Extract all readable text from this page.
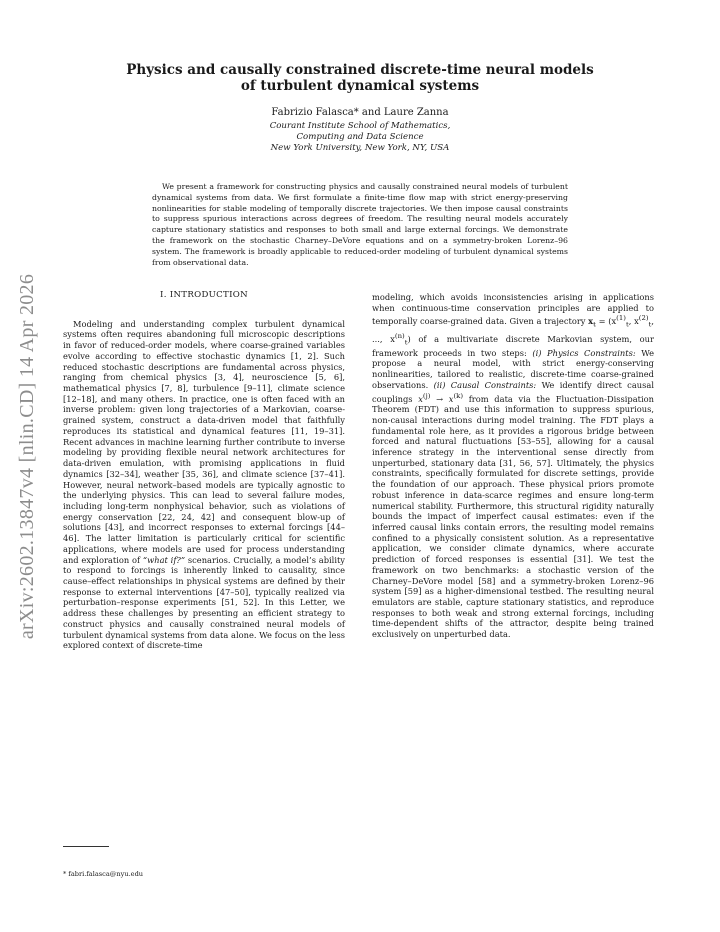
arXiv:2602.13847v4 [nlin.CD] 14 Apr 2026
Physics and causally constrained discrete-time neural models
of turbulent dynamical systems
Fabrizio Falasca* and Laure Zanna
Courant Institute School of Mathematics,
Computing and Data Science
New York University, New York, NY, USA
We present a framework for constructing physics and causally constrained neural models of turbulent dynamical systems from data. We first formulate a finite-time flow map with strict energy-preserving nonlinearities for stable modeling of temporally discrete trajectories. We then impose causal constraints to suppress spurious interactions across degrees of freedom. The resulting neural models accurately capture stationary statistics and responses to both small and large external forcings. We demonstrate the framework on the stochastic Charney–DeVore equations and on a symmetry-broken Lorenz–96 system. The framework is broadly applicable to reduced-order modeling of turbulent dynamical systems from observational data.
I. INTRODUCTION

Modeling and understanding complex turbulent dynamical systems often requires abandoning full microscopic descriptions in favor of reduced-order models, where coarse-grained variables evolve according to effective stochastic dynamics [1, 2]. Such reduced stochastic descriptions are fundamental across physics, ranging from chemical physics [3, 4], neuroscience [5, 6], mathematical physics [7, 8], turbulence [9–11], climate science [12–18], and many others. In practice, one is often faced with an inverse problem: given long trajectories of a Markovian, coarse-grained system, construct a data-driven model that faithfully reproduces its statistical and dynamical features [11, 19–31]. Recent advances in machine learning further contribute to inverse modeling by providing flexible neural network architectures for data-driven emulation, with promising applications in fluid dynamics [32–34], weather [35, 36], and climate science [37–41]. However, neural network–based models are typically agnostic to the underlying physics. This can lead to several failure modes, including long-term nonphysical behavior, such as violations of energy conservation [22, 24, 42] and consequent blow-up of solutions [43], and incorrect responses to external forcings [44–46]. The latter limitation is particularly critical for scientific applications, where models are used for process understanding and exploration of “what if?” scenarios. Crucially, a model’s ability to respond to forcings is inherently linked to causality, since cause–effect relationships in physical systems are defined by their response to external interventions [47–50], typically realized via perturbation–response experiments [51, 52]. In this Letter, we address these challenges by presenting an efficient strategy to construct physics and causally constrained neural models of turbulent dynamical systems from data alone. We focus on the less explored context of discrete-time

modeling, which avoids inconsistencies arising in applications when continuous-time conservation principles are applied to temporally coarse-grained data. Given a trajectory $x_t = (x^{(1)}_t$, $x^{(2)}_t$, ..., $x^{(n)}_t$) of a multivariate discrete Markovian system, our framework proceeds in two steps: (i) Physics Constraints: We propose a neural model, with strict energy-conserving nonlinearities, tailored to realistic, discrete-time coarse-grained observations. (ii) Causal Constraints: We identify direct causal couplings $x^{(j)} \to x^{(k)}$ from data via the Fluctuation-Dissipation Theorem (FDT) and use this information to suppress spurious, non-causal interactions during model training. The FDT plays a fundamental role here, as it provides a rigorous bridge between forced and natural fluctuations [53–55], allowing for a causal inference strategy in the interventional sense directly from unperturbed, stationary data [31, 56, 57]. Ultimately, the physics constraints, specifically formulated for discrete settings, provide the foundation of our approach. These physical priors promote robust inference in data-scarce regimes and ensure long-term numerical stability. Furthermore, this structural rigidity naturally bounds the impact of imperfect causal estimates: even if the inferred causal links contain errors, the resulting model remains confined to a physically consistent solution. As a representative application, we consider climate dynamics, where accurate prediction of forced responses is essential [31]. We test the framework on two benchmarks: a stochastic version of the Charney–DeVore model [58] and a symmetry-broken Lorenz–96 system [59] as a higher-dimensional testbed. The resulting neural emulators are stable, capture stationary statistics, and reproduce responses to both weak and strong external forcings, including time-dependent shifts of the attractor, despite being trained exclusively on unperturbed data.

* fabri.falasca@nyu.edu
